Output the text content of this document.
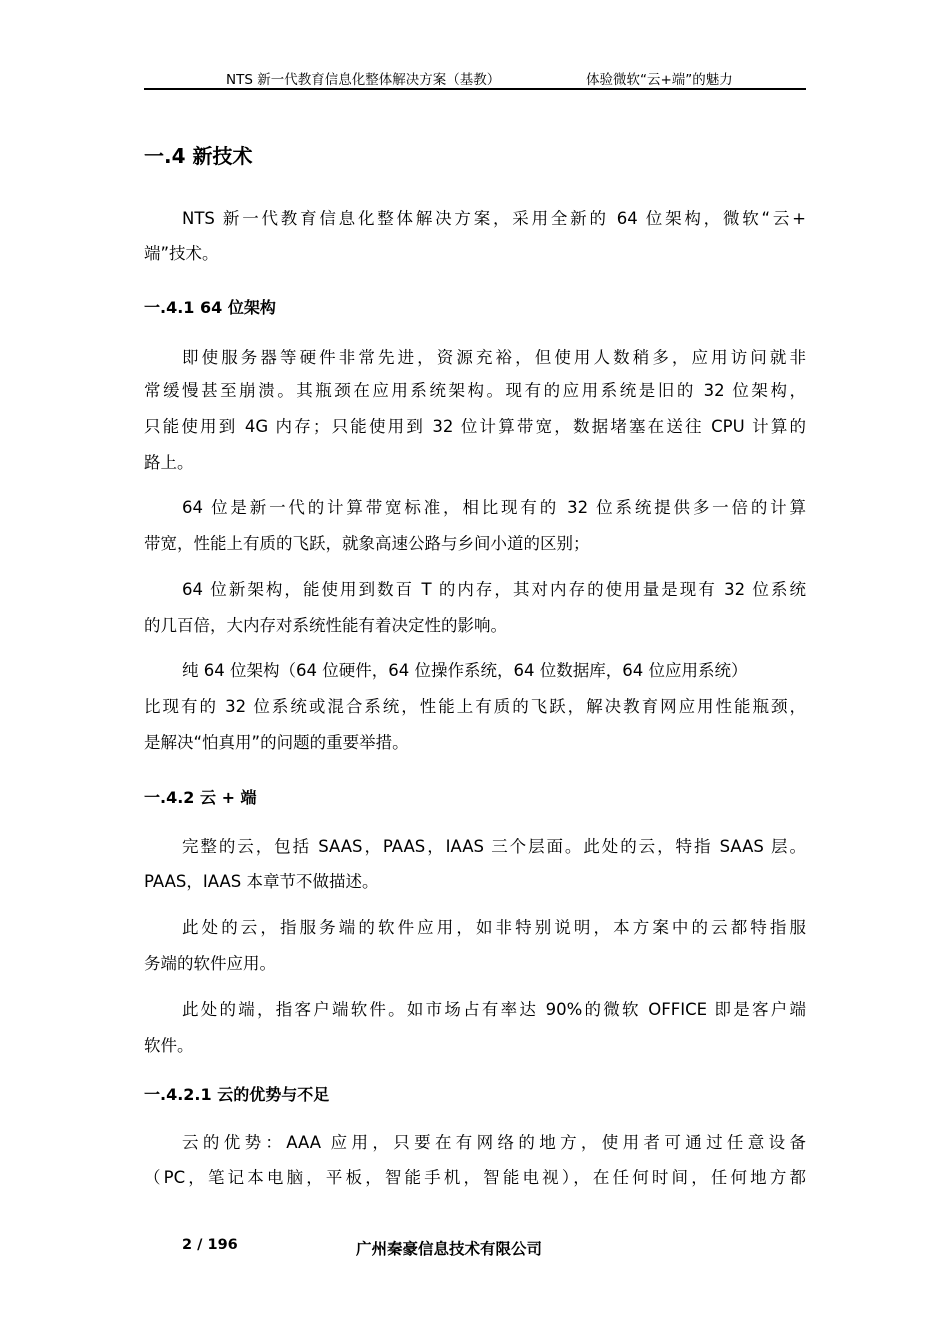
NTS 新一代教育信息化整体解决方案（基教）	体验微软“云+端”的魅力
一.4 新技术
NTS 新一代教育信息化整体解决方案，采用全新的 64 位架构，微软“云+
端”技术。
一.4.1 64 位架构
即使服务器等硬件非常先进，资源充裕，但使用人数稍多，应用访问就非
常缓慢甚至崩溃。其瓶颈在应用系统架构。现有的应用系统是旧的 32 位架构，
只能使用到 4G 内存；只能使用到 32 位计算带宽，数据堵塞在送往 CPU 计算的
路上。
64 位是新一代的计算带宽标准，相比现有的 32 位系统提供多一倍的计算
带宽，性能上有质的飞跃，就象高速公路与乡间小道的区别；
64 位新架构，能使用到数百 T 的内存，其对内存的使用量是现有 32 位系统
的几百倍，大内存对系统性能有着决定性的影响。
纯 64 位架构（64 位硬件，64 位操作系统，64 位数据库，64 位应用系统）
比现有的 32 位系统或混合系统，性能上有质的飞跃，解决教育网应用性能瓶颈，
是解决“怕真用”的问题的重要举措。
一.4.2 云 + 端
完整的云，包括 SAAS，PAAS，IAAS 三个层面。此处的云，特指 SAAS 层。
PAAS，IAAS 本章节不做描述。
此处的云，指服务端的软件应用，如非特别说明，本方案中的云都特指服
务端的软件应用。
此处的端，指客户端软件。如市场占有率达 90%的微软 OFFICE 即是客户端
软件。
一.4.2.1 云的优势与不足
云的优势：AAA 应用，只要在有网络的地方，使用者可通过任意设备
（PC，笔记本电脑，平板，智能手机，智能电视），在任何时间，任何地方都
2 / 196	广州秦豪信息技术有限公司
